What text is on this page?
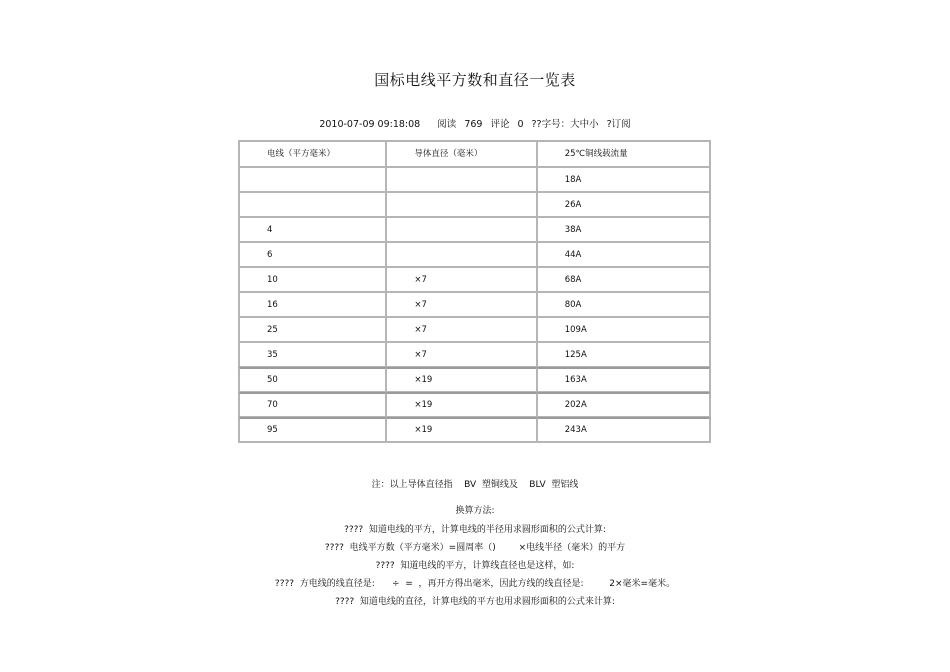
国标电线平方数和直径一览表
2010-07-09 09:18:08 阅读 769 评论 0 ??字号：大中小 ?订阅
电线（平方毫米）	导体直径（毫米）	25℃铜线载流量
		18A
		26A
4		38A
6		44A
10	×7	68A
16	×7	80A
25	×7	109A
35	×7	125A
50	×19	163A
70	×19	202A
95	×19	243A
注：以上导体直径指    BV  塑铜线及    BLV  塑铝线
换算方法:
????  知道电线的平方，计算电线的半径用求圆形面积的公式计算:
????  电线平方数（平方毫米）=圆周率（)        ×电线半径（毫米）的平方
????  知道电线的平方，计算线直径也是这样，如:
????  方电线的线直径是:      ÷  =  ，再开方得出毫米，因此方线的线直径是:         2×毫米=毫米。
????  知道电线的直径，计算电线的平方也用求圆形面积的公式来计算:
